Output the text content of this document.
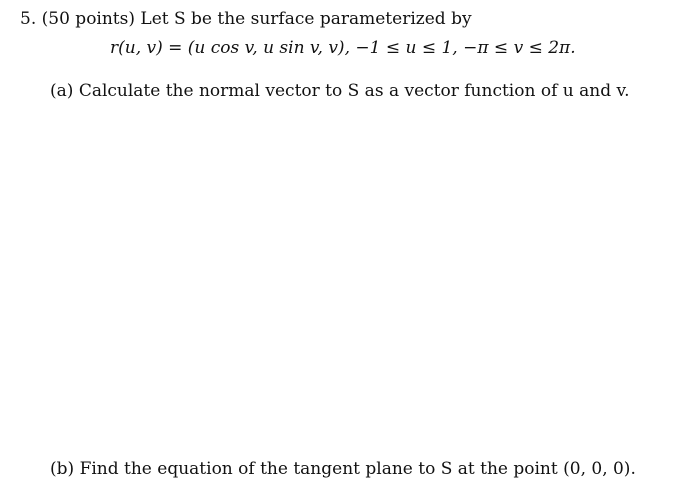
5. (50 points) Let S be the surface parameterized by
r(u, v) = (u cos v, u sin v, v), −1 ≤ u ≤ 1, −π ≤ v ≤ 2π.
(a) Calculate the normal vector to S as a vector function of u and v.
(b) Find the equation of the tangent plane to S at the point (0, 0, 0).
